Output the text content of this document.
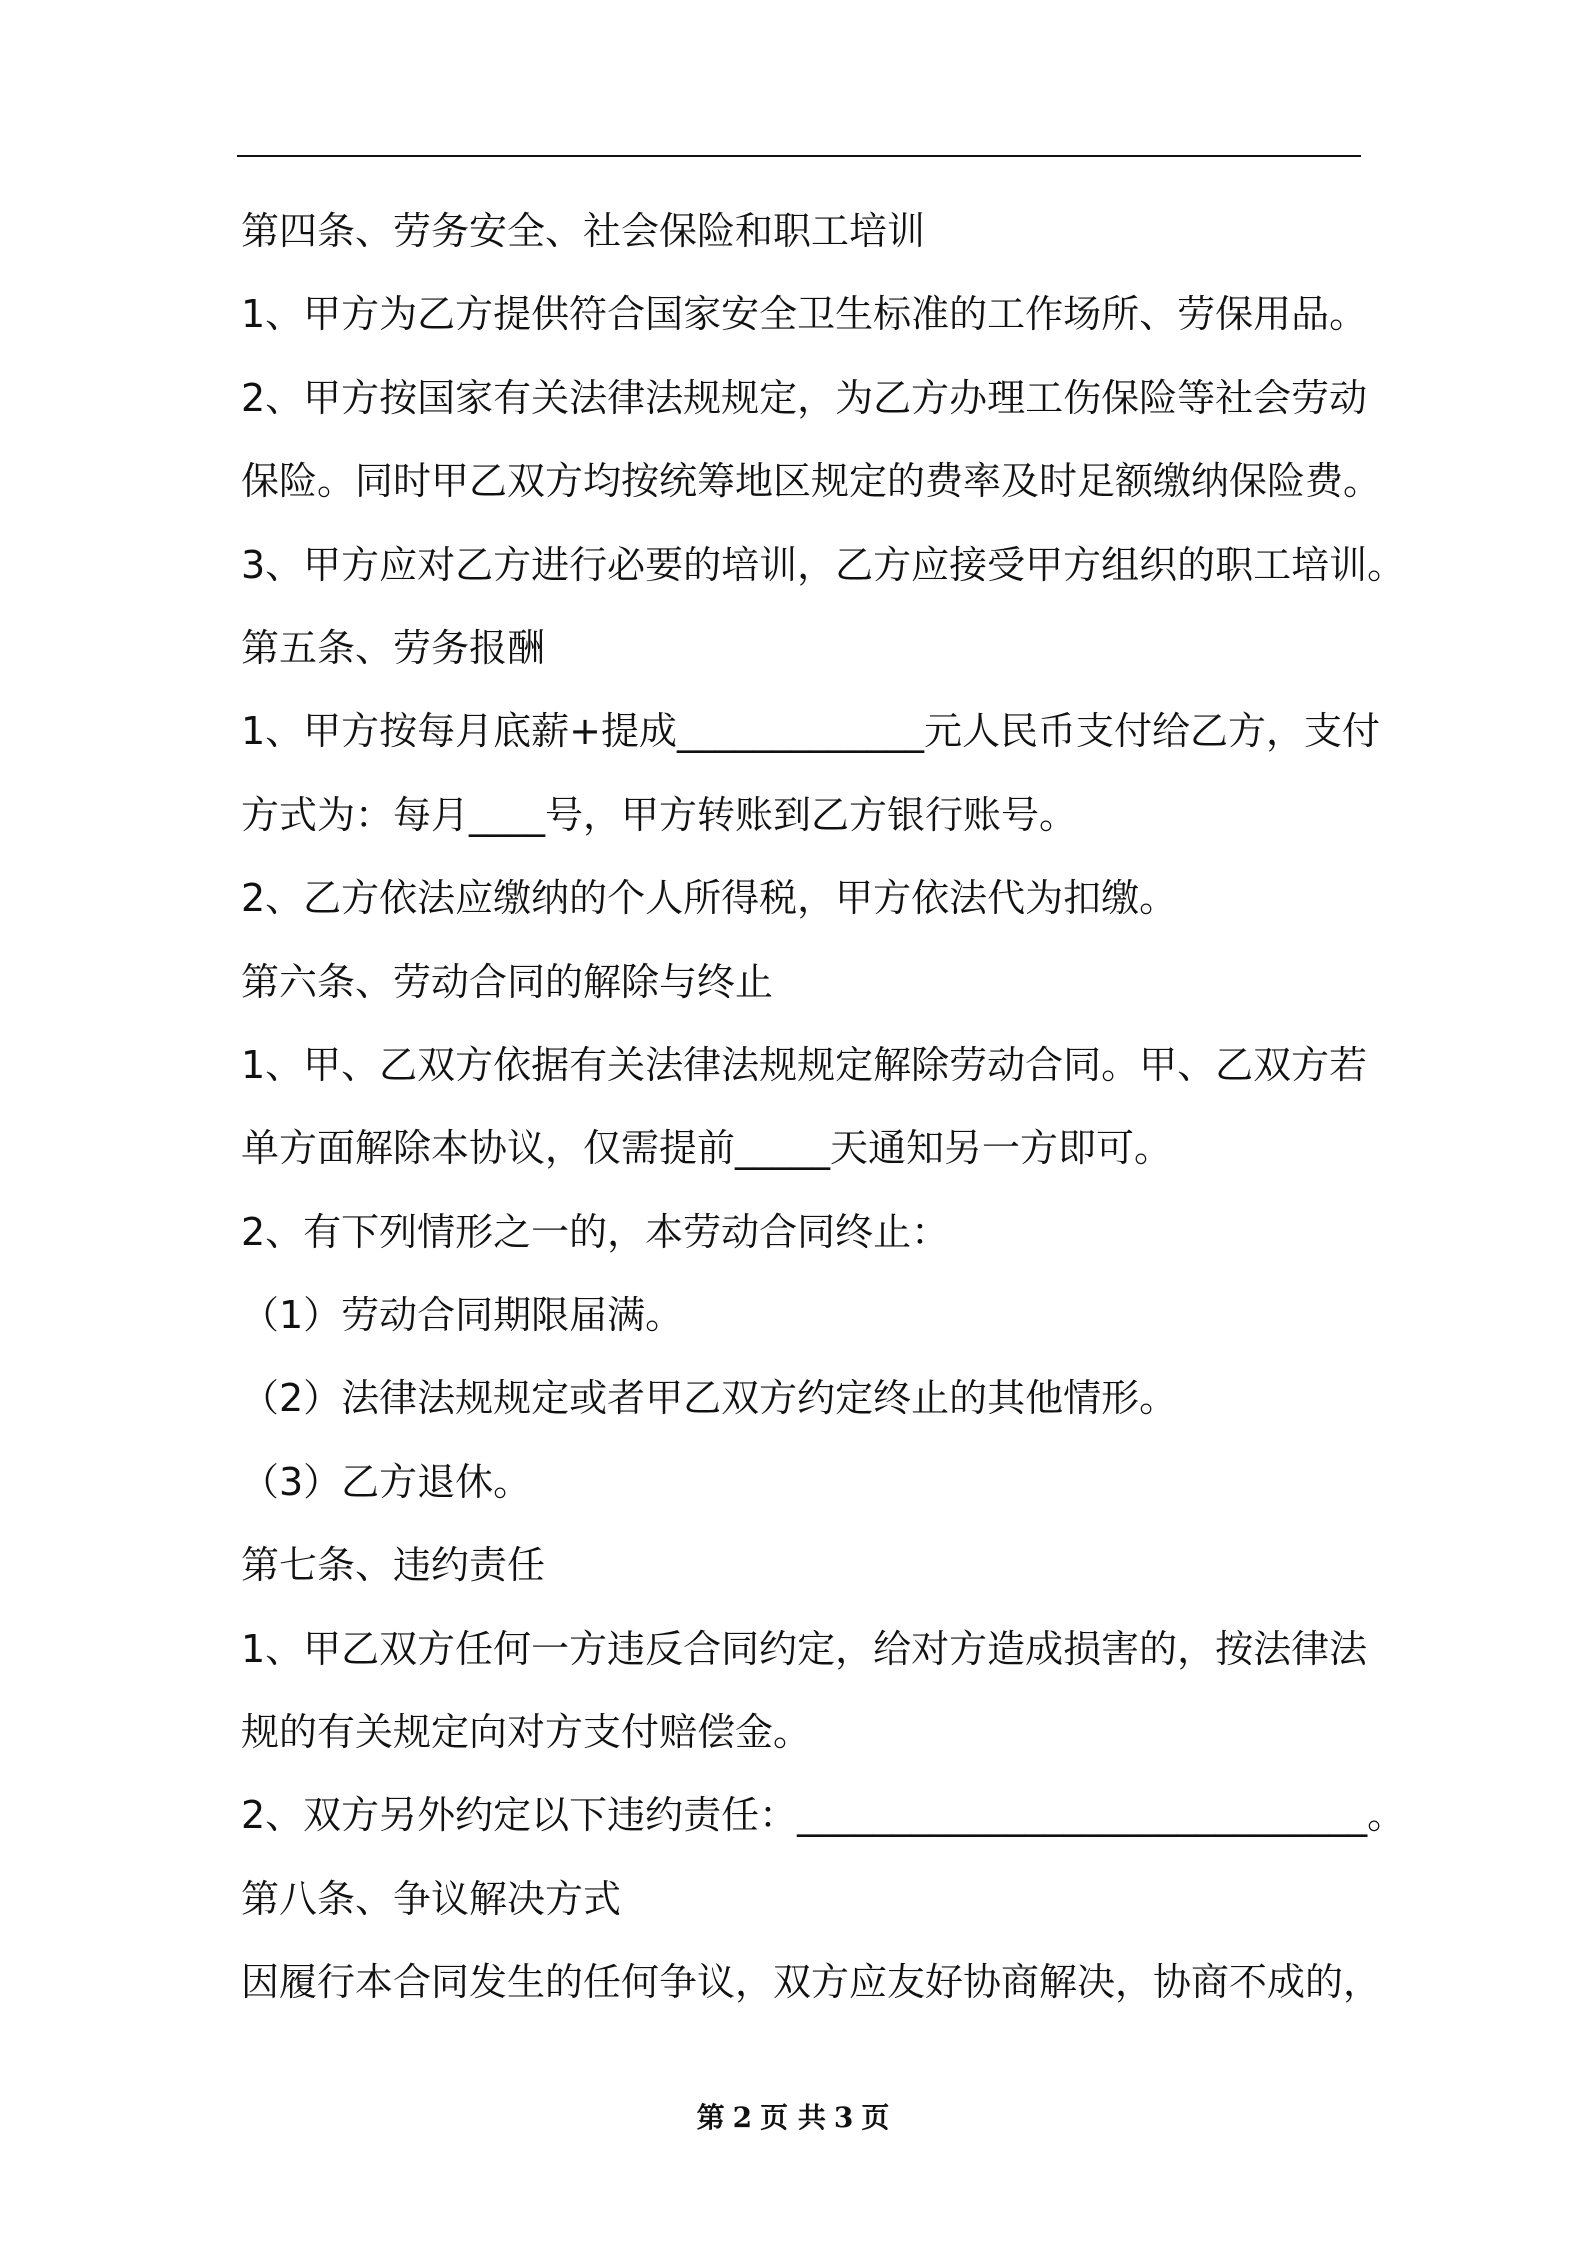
第四条、劳务安全、社会保险和职工培训
1、甲方为乙方提供符合国家安全卫生标准的工作场所、劳保用品。
2、甲方按国家有关法律法规规定，为乙方办理工伤保险等社会劳动
保险。同时甲乙双方均按统筹地区规定的费率及时足额缴纳保险费。
3、甲方应对乙方进行必要的培训，乙方应接受甲方组织的职工培训。
第五条、劳务报酬
1、甲方按每月底薪+提成_____________元人民币支付给乙方，支付
方式为：每月____号，甲方转账到乙方银行账号。
2、乙方依法应缴纳的个人所得税，甲方依法代为扣缴。
第六条、劳动合同的解除与终止
1、甲、乙双方依据有关法律法规规定解除劳动合同。甲、乙双方若
单方面解除本协议，仅需提前_____天通知另一方即可。
2、有下列情形之一的，本劳动合同终止：
（1）劳动合同期限届满。
（2）法律法规规定或者甲乙双方约定终止的其他情形。
（3）乙方退休。
第七条、违约责任
1、甲乙双方任何一方违反合同约定，给对方造成损害的，按法律法
规的有关规定向对方支付赔偿金。
2、双方另外约定以下违约责任：______________________________。
第八条、争议解决方式
因履行本合同发生的任何争议，双方应友好协商解决，协商不成的，
第 2 页 共 3 页
